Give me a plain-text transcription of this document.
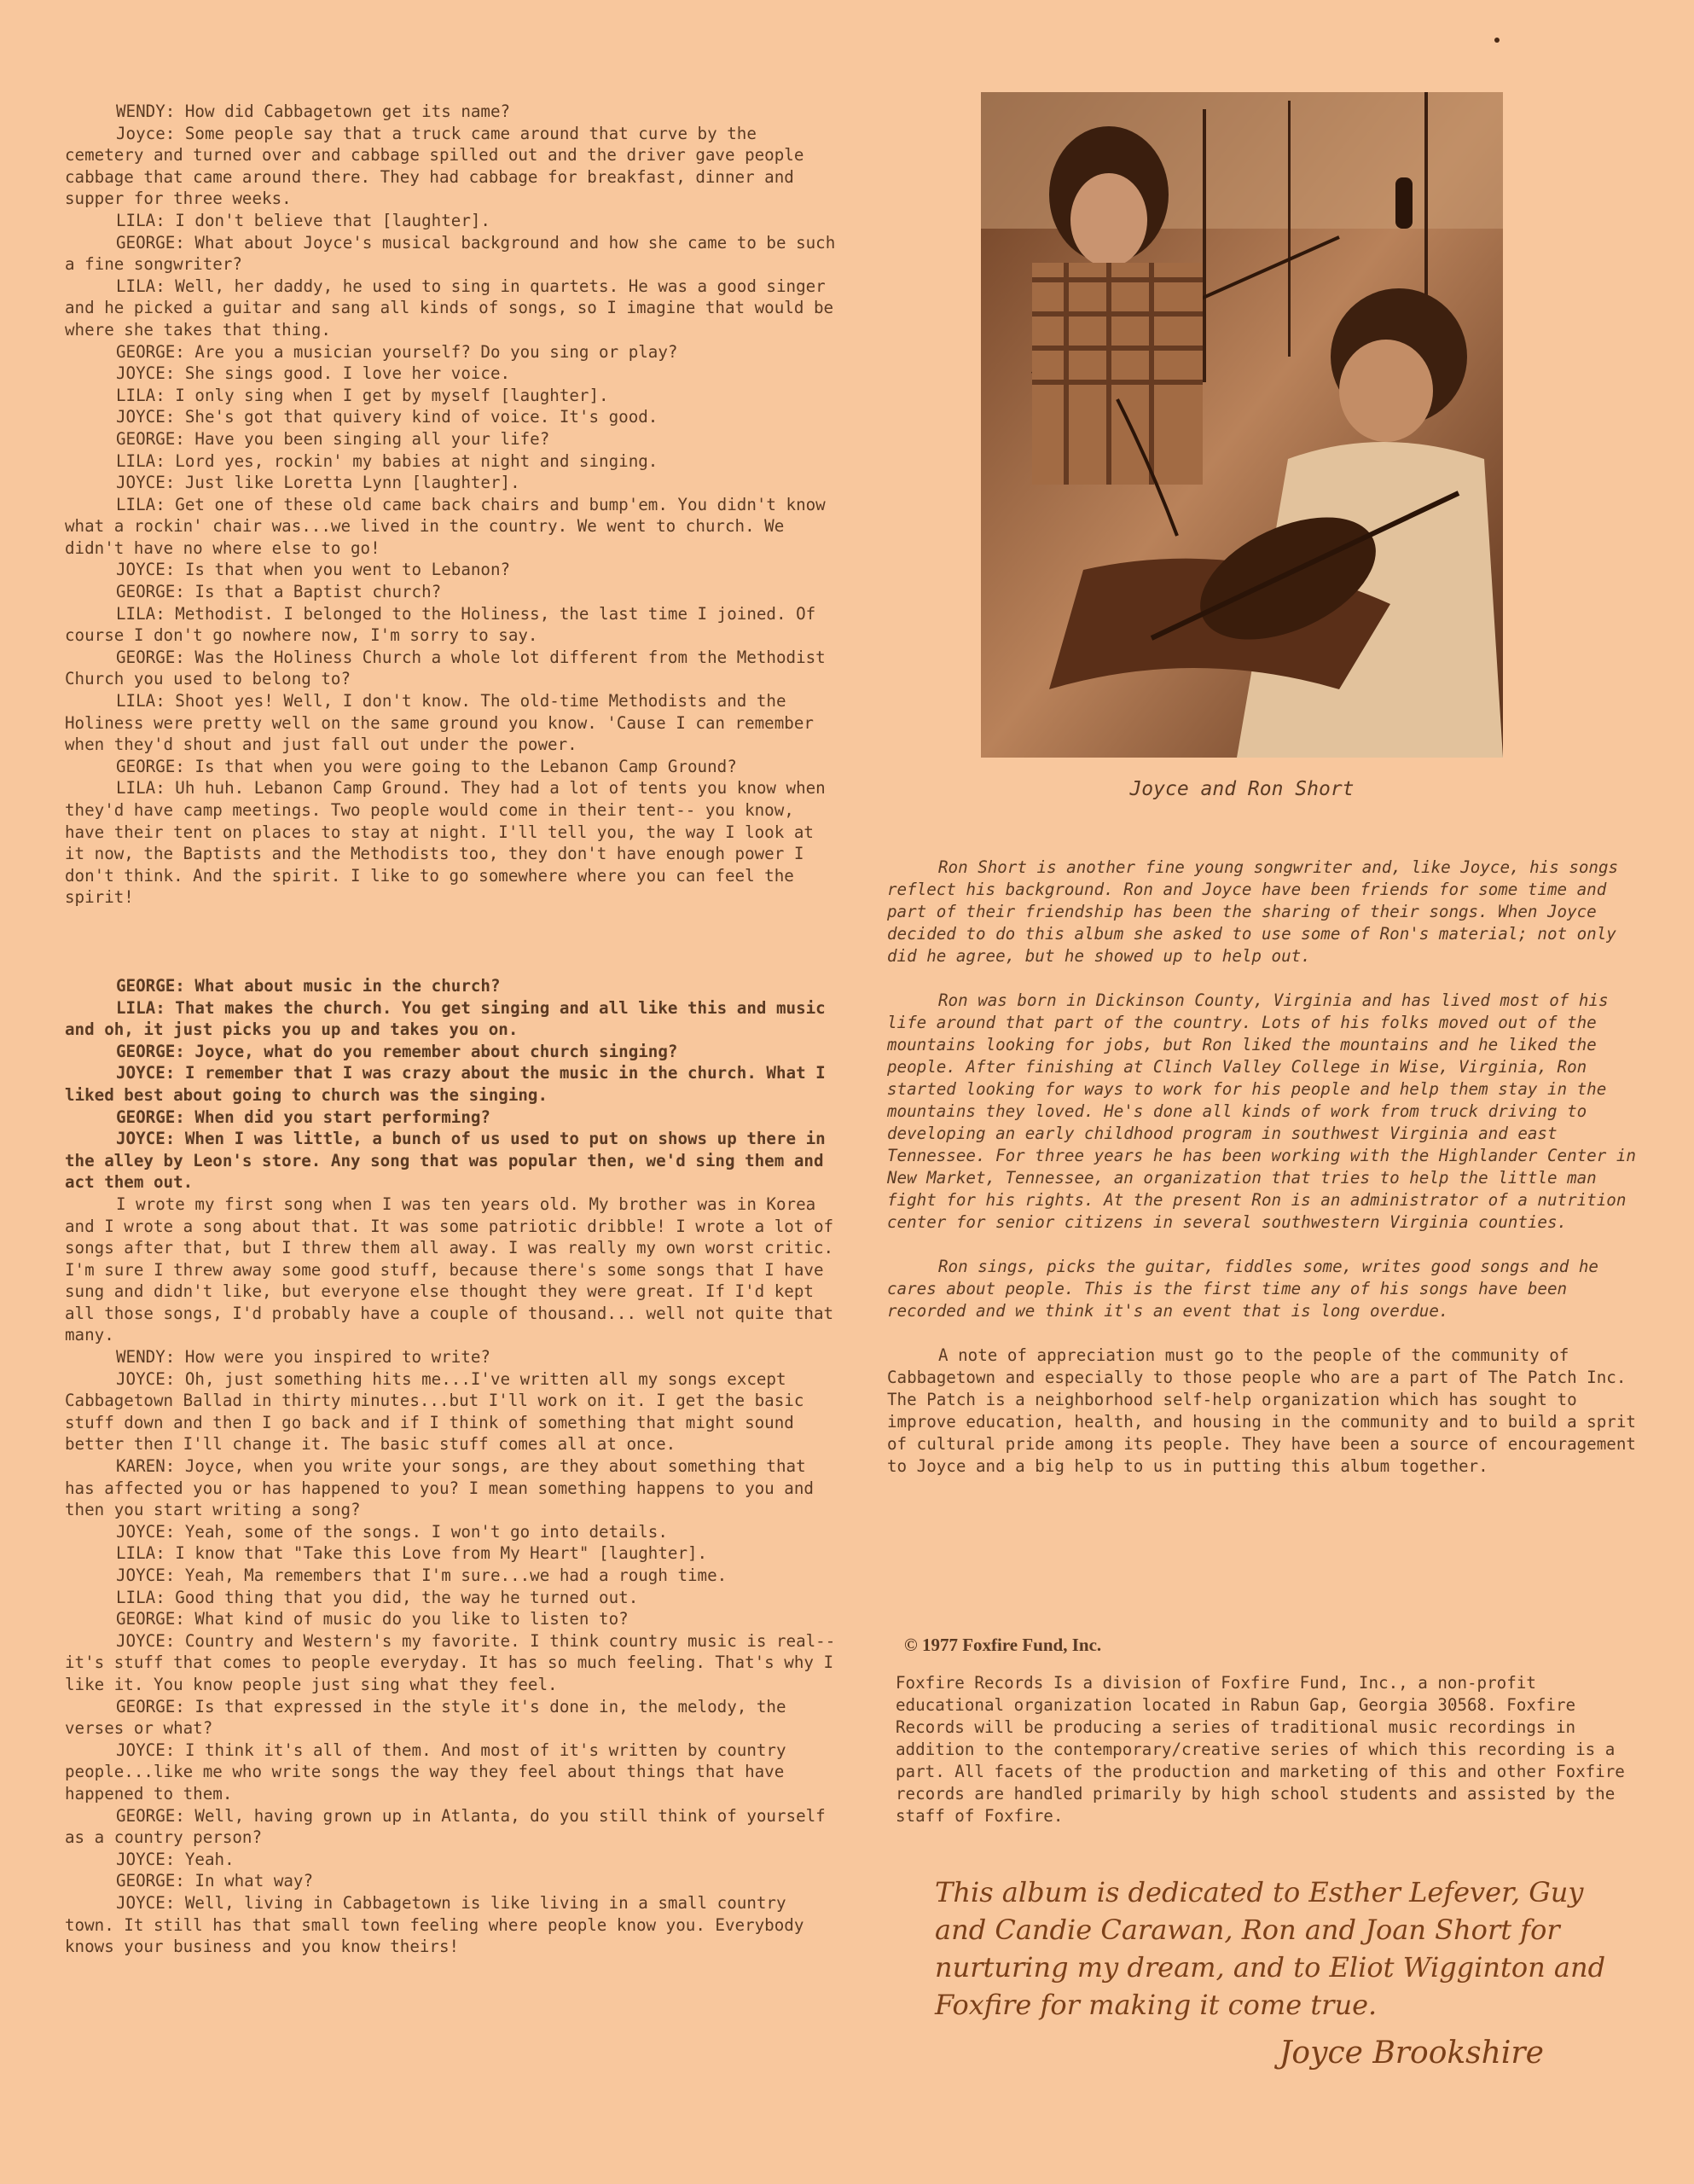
WENDY: How did Cabbagetown get its name?

Joyce: Some people say that a truck came around that curve by the cemetery and turned over and cabbage spilled out and the driver gave people cabbage that came around there. They had cabbage for breakfast, dinner and supper for three weeks.

LILA: I don't believe that [laughter].

GEORGE: What about Joyce's musical background and how she came to be such a fine songwriter?

LILA: Well, her daddy, he used to sing in quartets. He was a good singer and he picked a guitar and sang all kinds of songs, so I imagine that would be where she takes that thing.

GEORGE: Are you a musician yourself? Do you sing or play?

JOYCE: She sings good. I love her voice.

LILA: I only sing when I get by myself [laughter].

JOYCE: She's got that quivery kind of voice. It's good.

GEORGE: Have you been singing all your life?

LILA: Lord yes, rockin' my babies at night and singing.

JOYCE: Just like Loretta Lynn [laughter].

LILA: Get one of these old came back chairs and bump'em. You didn't know what a rockin' chair was...we lived in the country. We went to church. We didn't have no where else to go!

JOYCE: Is that when you went to Lebanon?

GEORGE: Is that a Baptist church?

LILA: Methodist. I belonged to the Holiness, the last time I joined. Of course I don't go nowhere now, I'm sorry to say.

GEORGE: Was the Holiness Church a whole lot different from the Methodist Church you used to belong to?

LILA: Shoot yes! Well, I don't know. The old-time Methodists and the Holiness were pretty well on the same ground you know. 'Cause I can remember when they'd shout and just fall out under the power.

GEORGE: Is that when you were going to the Lebanon Camp Ground?

LILA: Uh huh. Lebanon Camp Ground. They had a lot of tents you know when they'd have camp meetings. Two people would come in their tent-- you know, have their tent on places to stay at night. I'll tell you, the way I look at it now, the Baptists and the Methodists too, they don't have enough power I don't think. And the spirit. I like to go somewhere where you can feel the spirit!

GEORGE: What about music in the church?

LILA: That makes the church. You get singing and all like this and music and oh, it just picks you up and takes you on.

GEORGE: Joyce, what do you remember about church singing?

JOYCE: I remember that I was crazy about the music in the church. What I liked best about going to church was the singing.

GEORGE: When did you start performing?

JOYCE: When I was little, a bunch of us used to put on shows up there in the alley by Leon's store. Any song that was popular then, we'd sing them and act them out.

I wrote my first song when I was ten years old. My brother was in Korea and I wrote a song about that. It was some patriotic dribble! I wrote a lot of songs after that, but I threw them all away. I was really my own worst critic. I'm sure I threw away some good stuff, because there's some songs that I have sung and didn't like, but everyone else thought they were great. If I'd kept all those songs, I'd probably have a couple of thousand... well not quite that many.

WENDY: How were you inspired to write?

JOYCE: Oh, just something hits me...I've written all my songs except Cabbagetown Ballad in thirty minutes...but I'll work on it. I get the basic stuff down and then I go back and if I think of something that might sound better then I'll change it. The basic stuff comes all at once.

KAREN: Joyce, when you write your songs, are they about something that has affected you or has happened to you? I mean something happens to you and then you start writing a song?

JOYCE: Yeah, some of the songs. I won't go into details.

LILA: I know that "Take this Love from My Heart" [laughter].

JOYCE: Yeah, Ma remembers that I'm sure...we had a rough time.

LILA: Good thing that you did, the way he turned out.

GEORGE: What kind of music do you like to listen to?

JOYCE: Country and Western's my favorite. I think country music is real-- it's stuff that comes to people everyday. It has so much feeling. That's why I like it. You know people just sing what they feel.

GEORGE: Is that expressed in the style it's done in, the melody, the verses or what?

JOYCE: I think it's all of them. And most of it's written by country people...like me who write songs the way they feel about things that have happened to them.

GEORGE: Well, having grown up in Atlanta, do you still think of yourself as a country person?

JOYCE: Yeah.

GEORGE: In what way?

JOYCE: Well, living in Cabbagetown is like living in a small country town. It still has that small town feeling where people know you. Everybody knows your business and you know theirs!

Joyce and Ron Short

Ron Short is another fine young songwriter and, like Joyce, his songs reflect his background. Ron and Joyce have been friends for some time and part of their friendship has been the sharing of their songs. When Joyce decided to do this album she asked to use some of Ron's material; not only did he agree, but he showed up to help out.

Ron was born in Dickinson County, Virginia and has lived most of his life around that part of the country. Lots of his folks moved out of the mountains looking for jobs, but Ron liked the mountains and he liked the people. After finishing at Clinch Valley College in Wise, Virginia, Ron started looking for ways to work for his people and help them stay in the mountains they loved. He's done all kinds of work from truck driving to developing an early childhood program in southwest Virginia and east Tennessee. For three years he has been working with the Highlander Center in New Market, Tennessee, an organization that tries to help the little man fight for his rights. At the present Ron is an administrator of a nutrition center for senior citizens in several southwestern Virginia counties.

Ron sings, picks the guitar, fiddles some, writes good songs and he cares about people. This is the first time any of his songs have been recorded and we think it's an event that is long overdue.

A note of appreciation must go to the people of the community of Cabbagetown and especially to those people who are a part of The Patch Inc. The Patch is a neighborhood self-help organization which has sought to improve education, health, and housing in the community and to build a sprit of cultural pride among its people. They have been a source of encouragement to Joyce and a big help to us in putting this album together.

© 1977 Foxfire Fund, Inc.
Foxfire Records Is a division of Foxfire Fund, Inc., a non-profit educational organization located in Rabun Gap, Georgia 30568. Foxfire Records will be producing a series of traditional music recordings in addition to the contemporary/creative series of which this recording is a part. All facets of the production and marketing of this and other Foxfire records are handled primarily by high school students and assisted by the staff of Foxfire.
This album is dedicated to Esther Lefever, Guy and Candie Carawan, Ron and Joan Short for nurturing my dream, and to Eliot Wigginton and Foxfire for making it come true.
Joyce Brookshire
